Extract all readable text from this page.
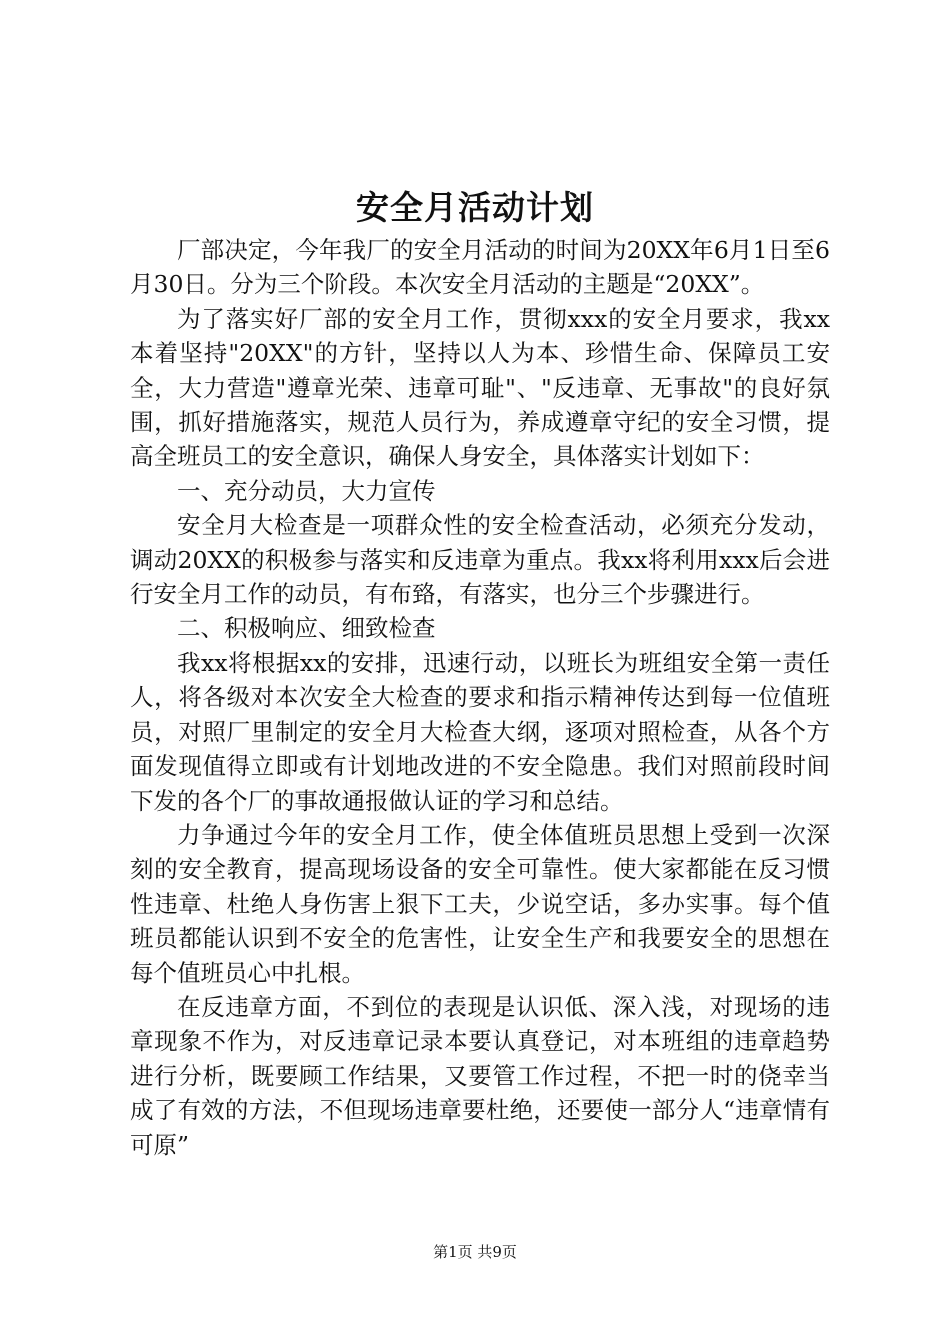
安全月活动计划

厂部决定，今年我厂的安全月活动的时间为20XX年6月1日至6月30日。分为三个阶段。本次安全月活动的主题是“20XX”。

为了落实好厂部的安全月工作，贯彻xxx的安全月要求，我xx本着坚持"20XX"的方针，坚持以人为本、珍惜生命、保障员工安全，大力营造"遵章光荣、违章可耻"、"反违章、无事故"的良好氛围，抓好措施落实，规范人员行为，养成遵章守纪的安全习惯，提高全班员工的安全意识，确保人身安全，具体落实计划如下：

一、充分动员，大力宣传

安全月大检查是一项群众性的安全检查活动，必须充分发动，调动20XX的积极参与落实和反违章为重点。我xx将利用xxx后会进行安全月工作的动员，有布臵，有落实，也分三个步骤进行。

二、积极响应、细致检查

我xx将根据xx的安排，迅速行动，以班长为班组安全第一责任人，将各级对本次安全大检查的要求和指示精神传达到每一位值班员，对照厂里制定的安全月大检查大纲，逐项对照检查，从各个方面发现值得立即或有计划地改进的不安全隐患。我们对照前段时间下发的各个厂的事故通报做认证的学习和总结。

力争通过今年的安全月工作，使全体值班员思想上受到一次深刻的安全教育，提高现场设备的安全可靠性。使大家都能在反习惯性违章、杜绝人身伤害上狠下工夫，少说空话，多办实事。每个值班员都能认识到不安全的危害性，让安全生产和我要安全的思想在每个值班员心中扎根。

在反违章方面，不到位的表现是认识低、深入浅，对现场的违章现象不作为，对反违章记录本要认真登记，对本班组的违章趋势进行分析，既要顾工作结果，又要管工作过程，不把一时的侥幸当成了有效的方法，不但现场违章要杜绝，还要使一部分人“违章情有可原”

第1页 共9页
